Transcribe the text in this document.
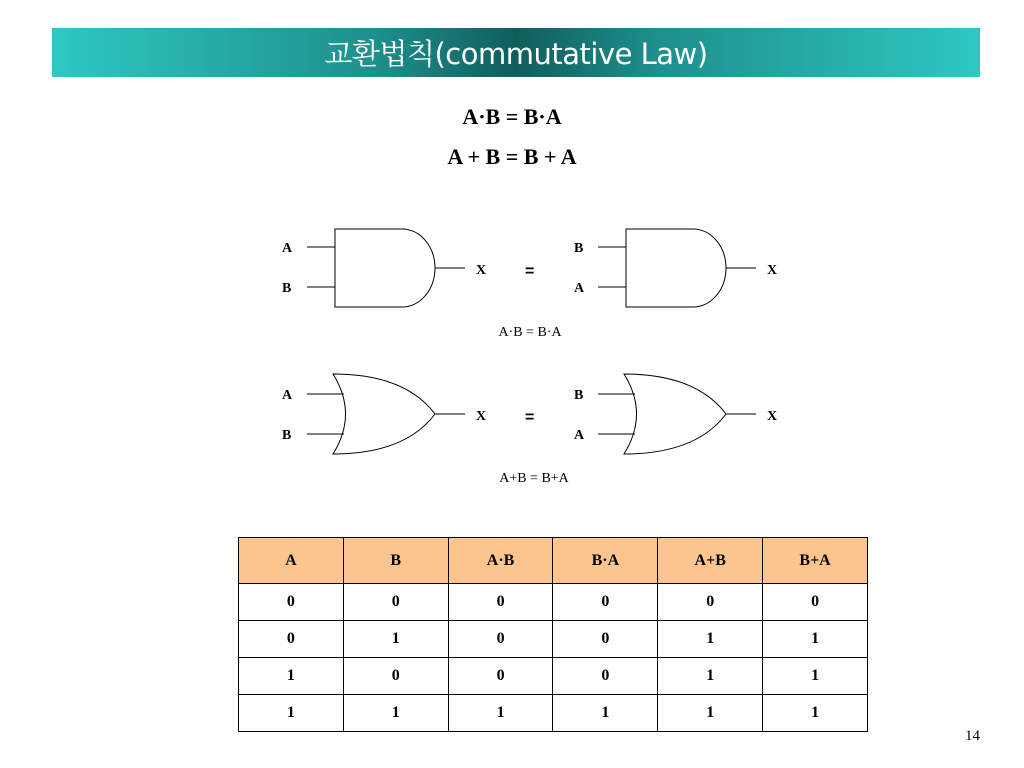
교환법칙(commutative Law)
A·B = B·A
A + B = B + A
A
B
X =
B
A
X
A·B = B·A
A
B
X =
B
A
X
A+B = B+A
A	B	A·B	B·A	A+B	B+A
0	0	0	0	0	0
0	1	0	0	1	1
1	0	0	0	1	1
1	1	1	1	1	1
14
